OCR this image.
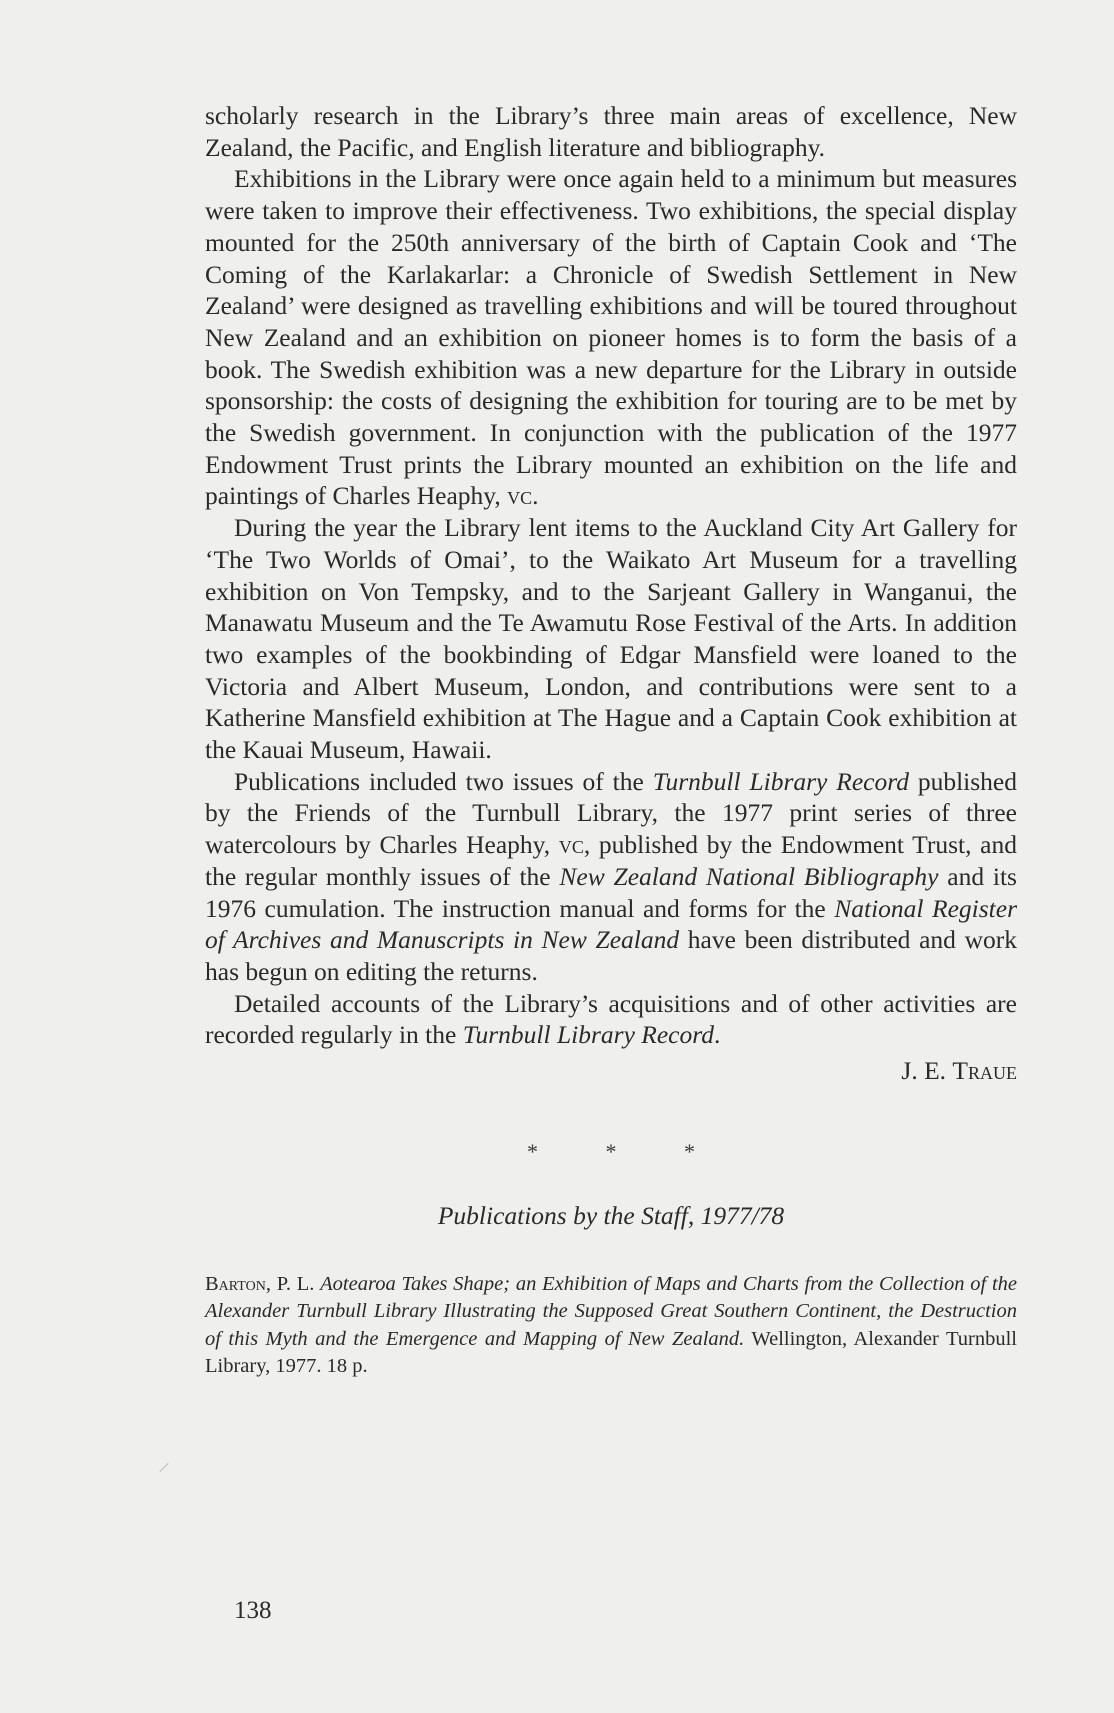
scholarly research in the Library’s three main areas of excellence, New Zealand, the Pacific, and English literature and bibliography.

Exhibitions in the Library were once again held to a minimum but measures were taken to improve their effectiveness. Two exhibitions, the special display mounted for the 250th anniversary of the birth of Captain Cook and ‘The Coming of the Karlakarlar: a Chronicle of Swedish Settlement in New Zealand’ were designed as travelling exhibitions and will be toured throughout New Zealand and an exhibition on pioneer homes is to form the basis of a book. The Swedish exhibition was a new departure for the Library in outside sponsorship: the costs of designing the exhibition for touring are to be met by the Swedish government. In conjunction with the publication of the 1977 Endowment Trust prints the Library mounted an exhibition on the life and paintings of Charles Heaphy, vc.

During the year the Library lent items to the Auckland City Art Gallery for ‘The Two Worlds of Omai’, to the Waikato Art Museum for a travelling exhibition on Von Tempsky, and to the Sarjeant Gallery in Wanganui, the Manawatu Museum and the Te Awamutu Rose Festival of the Arts. In addition two examples of the bookbinding of Edgar Mansfield were loaned to the Victoria and Albert Museum, London, and contributions were sent to a Katherine Mansfield exhibition at The Hague and a Captain Cook exhibition at the Kauai Museum, Hawaii.

Publications included two issues of the Turnbull Library Record published by the Friends of the Turnbull Library, the 1977 print series of three watercolours by Charles Heaphy, vc, published by the Endowment Trust, and the regular monthly issues of the New Zealand National Bibliography and its 1976 cumulation. The instruction manual and forms for the National Register of Archives and Manuscripts in New Zealand have been distributed and work has begun on editing the returns.

Detailed accounts of the Library’s acquisitions and of other activities are recorded regularly in the Turnbull Library Record.

J. E. Traue

*	*	*
Publications by the Staff, 1977/78

Barton, P. L. Aotearoa Takes Shape; an Exhibition of Maps and Charts from the Collection of the Alexander Turnbull Library Illustrating the Supposed Great Southern Continent, the Destruction of this Myth and the Emergence and Mapping of New Zealand. Wellington, Alexander Turnbull Library, 1977. 18 p.

138
